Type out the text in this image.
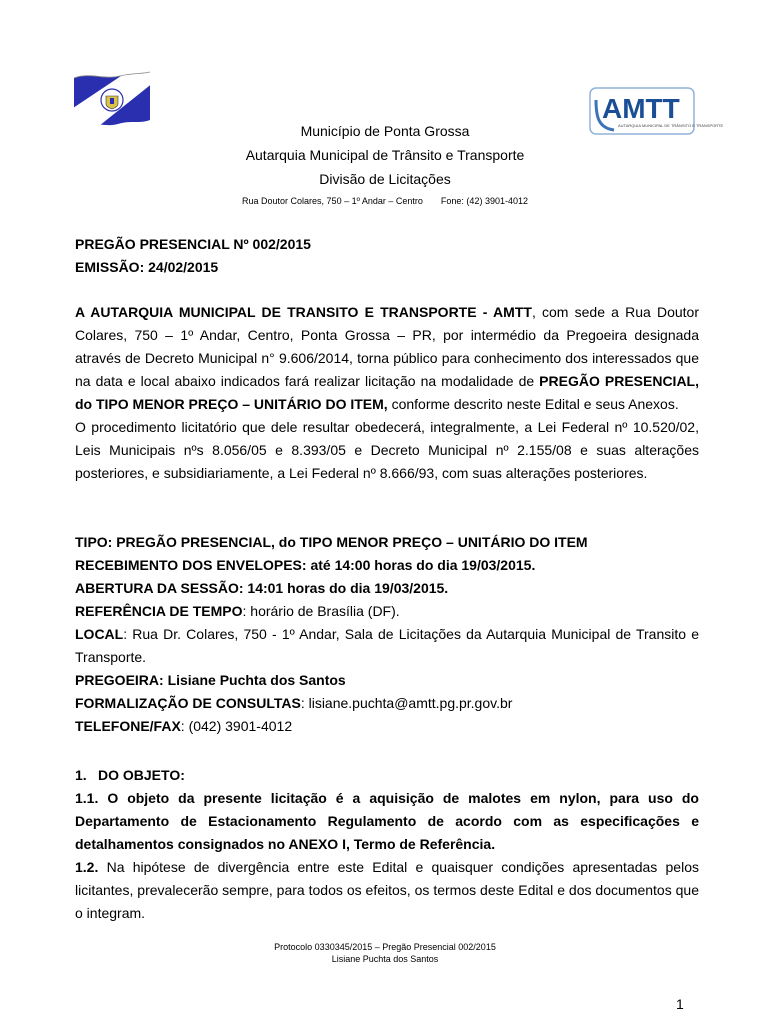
AMTT
AUTARQUIA MUNICIPAL DE TRÂNSITO E TRANSPORTE
Município de Ponta Grossa
Autarquia Municipal de Trânsito e Transporte
Divisão de Licitações
Rua Doutor Colares, 750 – 1º Andar – Centro Fone: (42) 3901-4012
PREGÃO PRESENCIAL Nº 002/2015
EMISSÃO: 24/02/2015

A AUTARQUIA MUNICIPAL DE TRANSITO E TRANSPORTE - AMTT, com sede a Rua Doutor Colares, 750 – 1º Andar, Centro, Ponta Grossa – PR, por intermédio da Pregoeira designada através de Decreto Municipal n° 9.606/2014, torna público para conhecimento dos interessados que na data e local abaixo indicados fará realizar licitação na modalidade de PREGÃO PRESENCIAL, do TIPO MENOR PREÇO – UNITÁRIO DO ITEM, conforme descrito neste Edital e seus Anexos.

O procedimento licitatório que dele resultar obedecerá, integralmente, a Lei Federal nº 10.520/02, Leis Municipais nºs 8.056/05 e 8.393/05 e Decreto Municipal nº 2.155/08 e suas alterações posteriores, e subsidiariamente, a Lei Federal nº 8.666/93, com suas alterações posteriores.

TIPO: PREGÃO PRESENCIAL, do TIPO MENOR PREÇO – UNITÁRIO DO ITEM

RECEBIMENTO DOS ENVELOPES: até 14:00 horas do dia 19/03/2015.

ABERTURA DA SESSÃO: 14:01 horas do dia 19/03/2015.

REFERÊNCIA DE TEMPO: horário de Brasília (DF).

LOCAL: Rua Dr. Colares, 750 - 1º Andar, Sala de Licitações da Autarquia Municipal de Transito e Transporte.

PREGOEIRA: Lisiane Puchta dos Santos

FORMALIZAÇÃO DE CONSULTAS: lisiane.puchta@amtt.pg.pr.gov.br

TELEFONE/FAX: (042) 3901-4012

1. DO OBJETO:

1.1. O objeto da presente licitação é a aquisição de malotes em nylon, para uso do Departamento de Estacionamento Regulamento de acordo com as especificações e detalhamentos consignados no ANEXO I, Termo de Referência.

1.2. Na hipótese de divergência entre este Edital e quaisquer condições apresentadas pelos licitantes, prevalecerão sempre, para todos os efeitos, os termos deste Edital e dos documentos que o integram.

Protocolo 0330345/2015 – Pregão Presencial 002/2015
Lisiane Puchta dos Santos
1
